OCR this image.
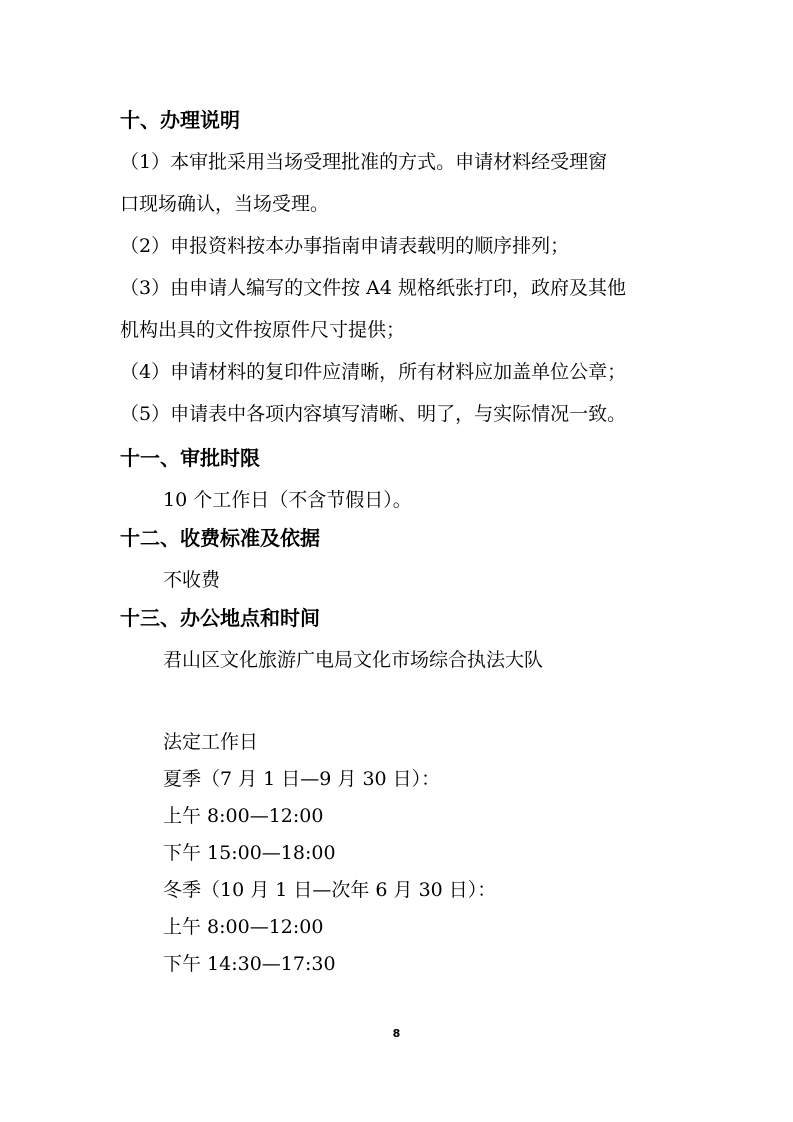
十、办理说明
（1）本审批采用当场受理批准的方式。申请材料经受理窗
口现场确认，当场受理。
（2）申报资料按本办事指南申请表载明的顺序排列；
（3）由申请人编写的文件按 A4 规格纸张打印，政府及其他
机构出具的文件按原件尺寸提供；
（4）申请材料的复印件应清晰，所有材料应加盖单位公章；
（5）申请表中各项内容填写清晰、明了，与实际情况一致。
十一、审批时限
10 个工作日（不含节假日）。
十二、收费标准及依据
不收费
十三、办公地点和时间
君山区文化旅游广电局文化市场综合执法大队
法定工作日
夏季（7 月 1 日—9 月 30 日）：
上午 8:00—12:00
下午 15:00—18:00
冬季（10 月 1 日—次年 6 月 30 日）：
上午 8:00—12:00
下午 14:30—17:30
8
